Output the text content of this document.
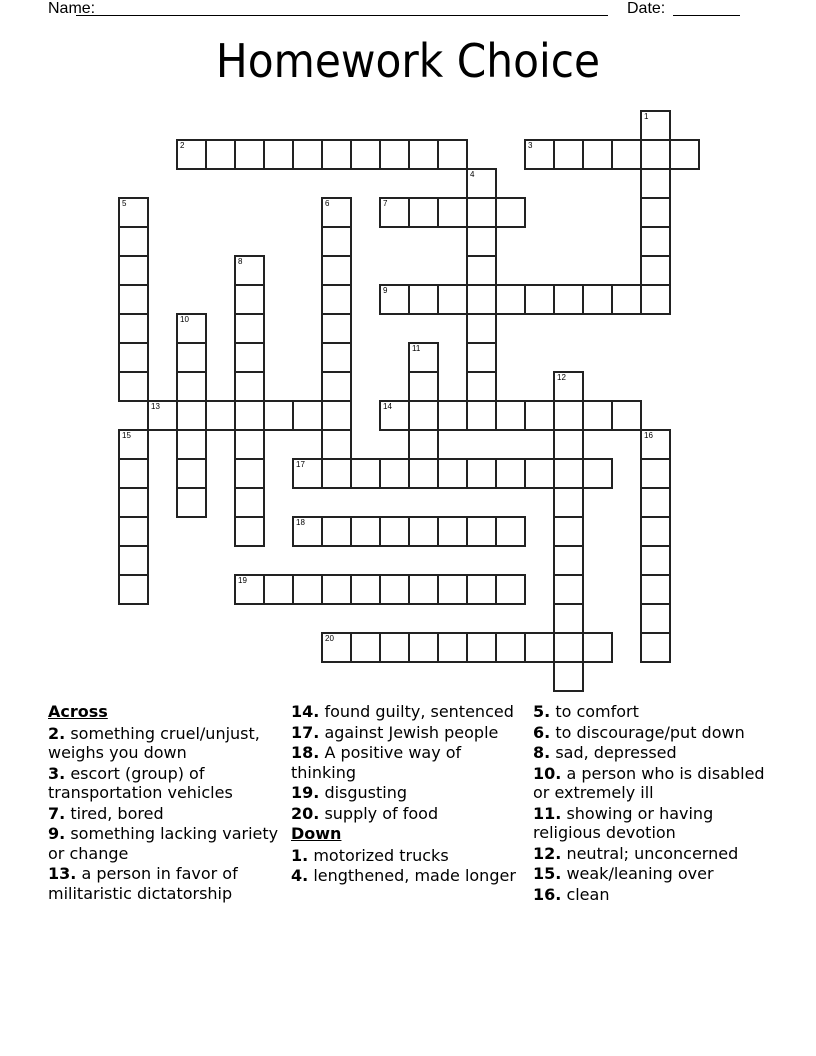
Name:	Date:
Homework Choice
1
2	3
4
5	6	7
8
9
10
11
12
13	14
15	16
17
18
19
20
Across
2. something cruel/unjust, weighs you down
3. escort (group) of transportation vehicles
7. tired, bored
9. something lacking variety or change
13. a person in favor of militaristic dictatorship
14. found guilty, sentenced
17. against Jewish people
18. A positive way of thinking
19. disgusting
20. supply of food
Down
1. motorized trucks
4. lengthened, made longer
5. to comfort
6. to discourage/put down
8. sad, depressed
10. a person who is disabled or extremely ill
11. showing or having religious devotion
12. neutral; unconcerned
15. weak/leaning over
16. clean
